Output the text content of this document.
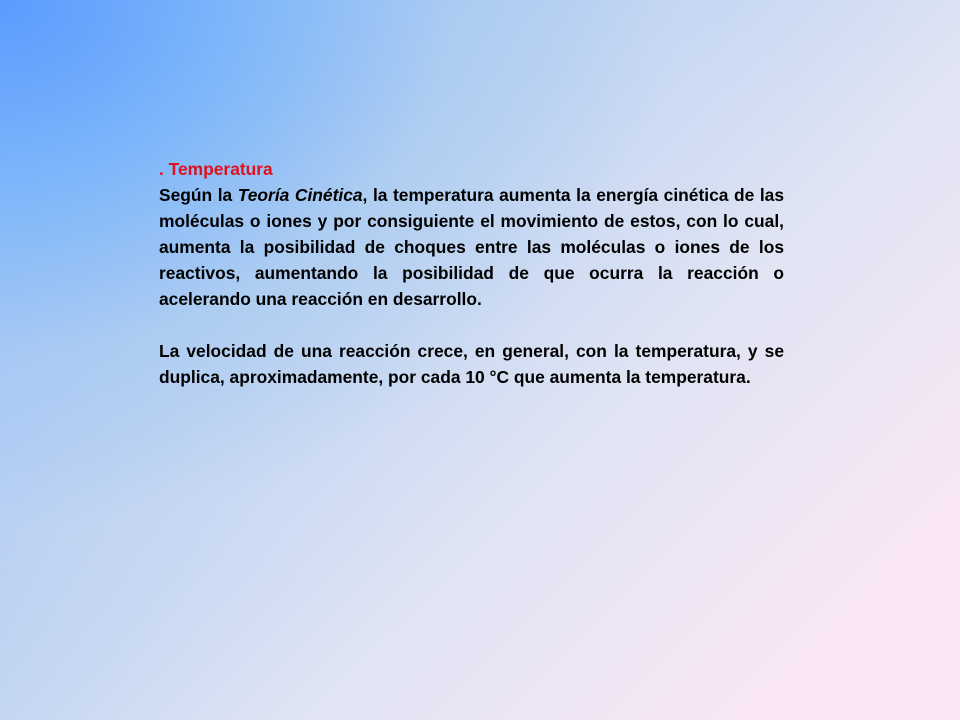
. Temperatura

Según la Teoría Cinética, la temperatura aumenta la energía cinética de las moléculas o iones y por consiguiente el movimiento de estos, con lo cual, aumenta la posibilidad de choques entre las moléculas o iones de los reactivos, aumentando la posibilidad de que ocurra la reacción o acelerando una reacción en desarrollo.

La velocidad de una reacción crece, en general, con la temperatura, y se duplica, aproximadamente, por cada 10 °C que aumenta la temperatura.
